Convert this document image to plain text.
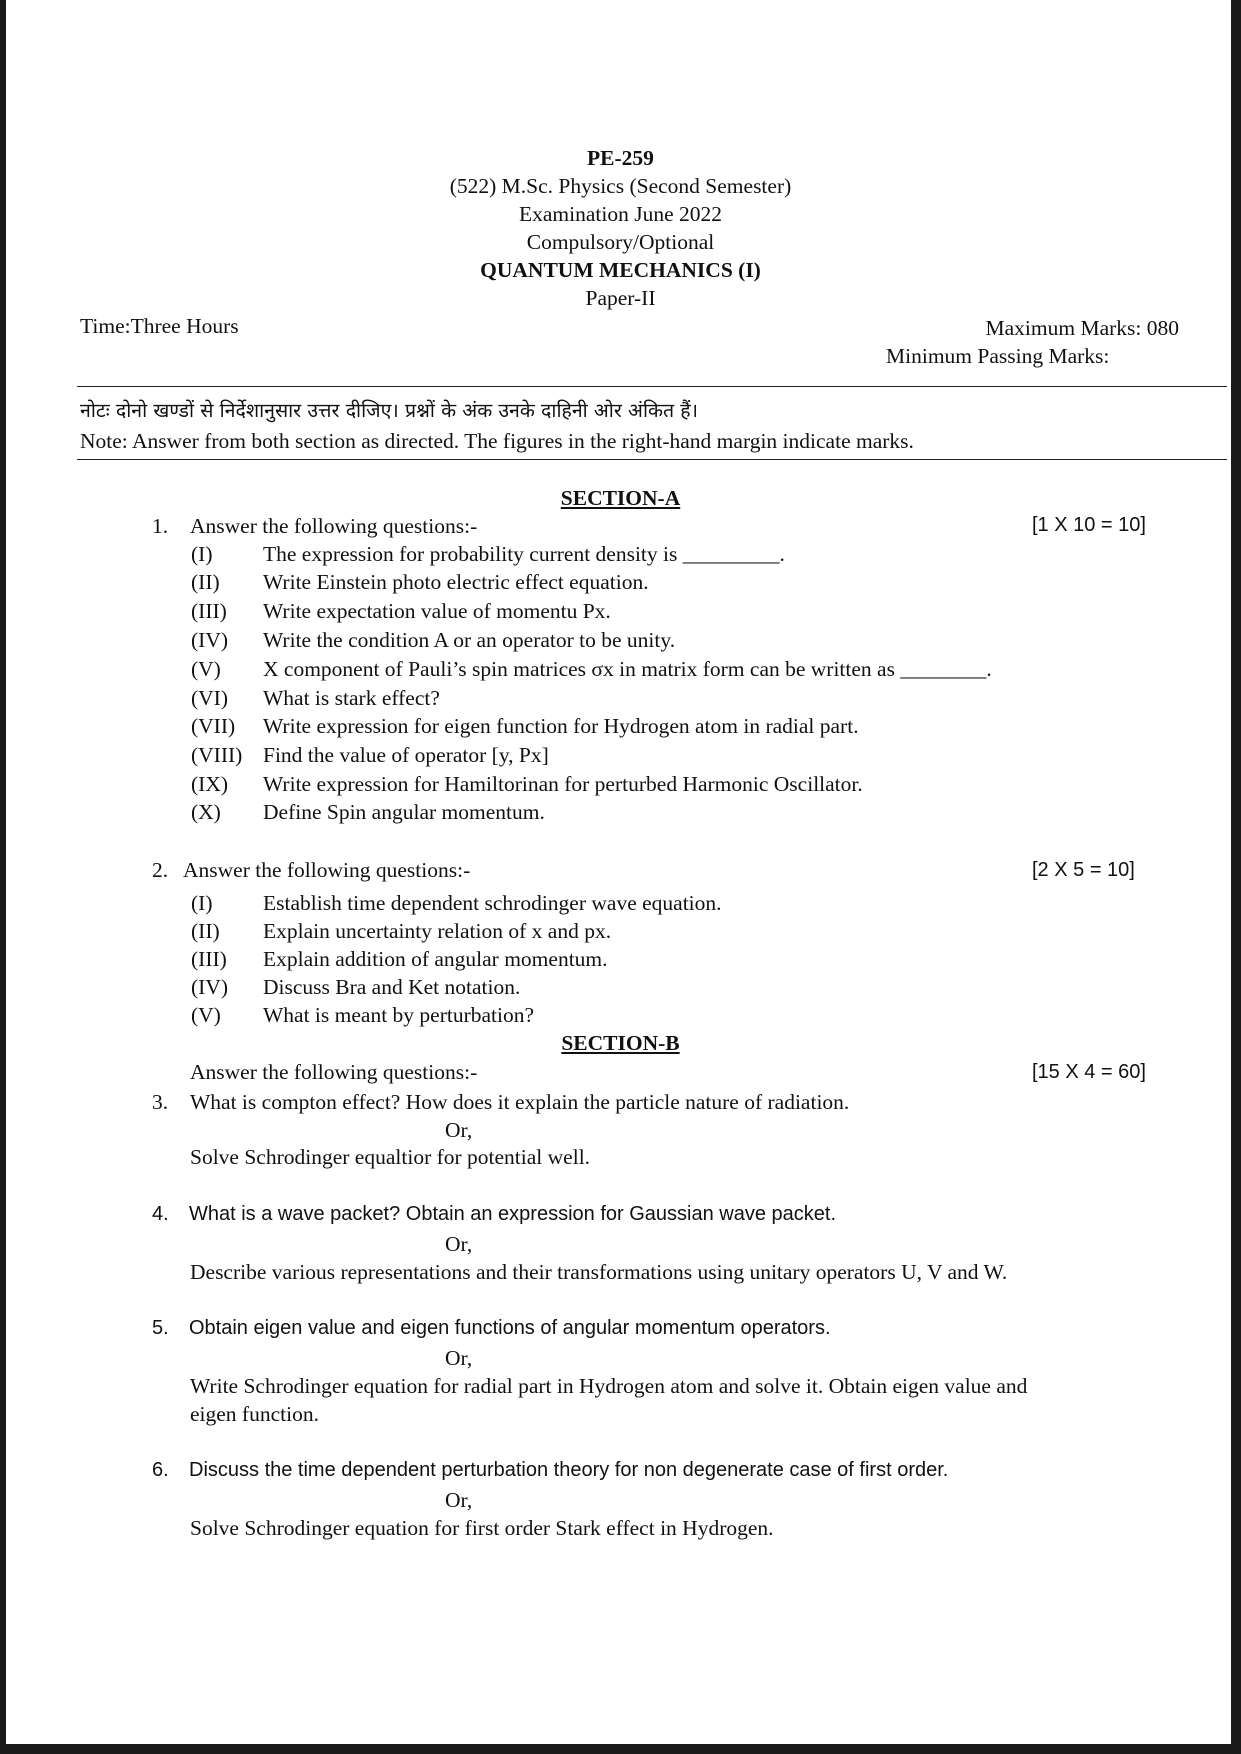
PE-259
(522) M.Sc. Physics (Second Semester)
Examination June 2022
Compulsory/Optional
QUANTUM MECHANICS (I)
Paper-II
Time:Three Hours	Maximum Marks: 080
Minimum Passing Marks:
नोटः दोनो खण्डों से निर्देशानुसार उत्तर दीजिए। प्रश्नों के अंक उनके दाहिनी ओर अंकित हैं।
Note: Answer from both section as directed. The figures in the right-hand margin indicate marks.
SECTION-A
1. Answer the following questions:-	[1 X 10 = 10]
(I) The expression for probability current density is _________.
(II) Write Einstein photo electric effect equation.
(III) Write expectation value of momentu Px.
(IV) Write the condition A or an operator to be unity.
(V) X component of Pauli’s spin matrices σx in matrix form can be written as ________.
(VI) What is stark effect?
(VII) Write expression for eigen function for Hydrogen atom in radial part.
(VIII) Find the value of operator [y, Px]
(IX) Write expression for Hamiltorinan for perturbed Harmonic Oscillator.
(X) Define Spin angular momentum.
2. Answer the following questions:-	[2 X 5 = 10]
(I) Establish time dependent schrodinger wave equation.
(II) Explain uncertainty relation of x and px.
(III) Explain addition of angular momentum.
(IV) Discuss Bra and Ket notation.
(V) What is meant by perturbation?
SECTION-B
Answer the following questions:-	[15 X 4 = 60]
3. What is compton effect? How does it explain the particle nature of radiation.
Or,
Solve Schrodinger equaltior for potential well.
4. What is a wave packet? Obtain an expression for Gaussian wave packet.
Or,
Describe various representations and their transformations using unitary operators U, V and W.
5. Obtain eigen value and eigen functions of angular momentum operators.
Or,
Write Schrodinger equation for radial part in Hydrogen atom and solve it. Obtain eigen value and
eigen function.
6. Discuss the time dependent perturbation theory for non degenerate case of first order.
Or,
Solve Schrodinger equation for first order Stark effect in Hydrogen.
